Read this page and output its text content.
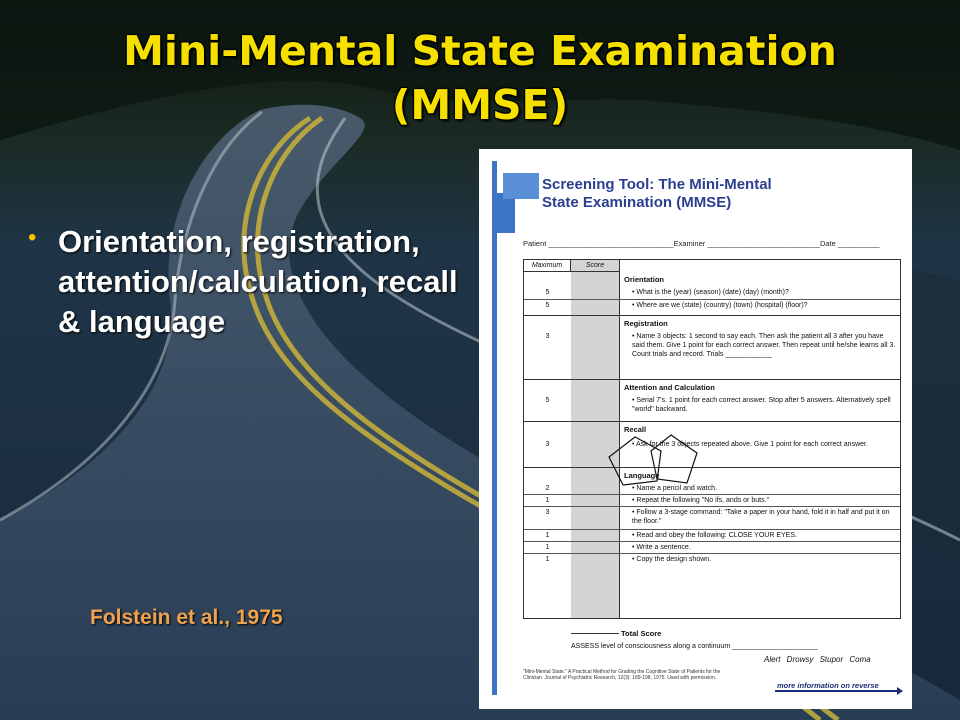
Mini-Mental State Examination
(MMSE)
• Orientation, registration, attention/calculation, recall & language
Folstein et al., 1975
Screening Tool: The Mini-Mental
State Examination (MMSE)
Patient ______________________________Examiner ___________________________Date __________
Maximum	Score
Orientation
5	• What is the (year) (season) (date) (day) (month)?
5	• Where are we (state) (country) (town) (hospital) (floor)?
Registration
3	• Name 3 objects: 1 second to say each. Then ask the patient all 3 after you have said them. Give 1 point for each correct answer. Then repeat until he/she learns all 3. Count trials and record. Trials ____________
Attention and Calculation
5	• Serial 7's. 1 point for each correct answer. Stop after 5 answers. Alternatively spell "world" backward.
Recall
3	• Ask for the 3 objects repeated above. Give 1 point for each correct answer.
Language
2	• Name a pencil and watch.
1	• Repeat the following "No ifs, ands or buts."
3	• Follow a 3-stage command: "Take a paper in your hand, fold it in half and put it on the floor."
1	• Read and obey the following: CLOSE YOUR EYES.
1	• Write a sentence.
1	• Copy the design shown.
Total Score
ASSESS level of consciousness along a continuum ______________________
Alert Drowsy Stupor Coma
"Mini-Mental State." A Practical Method for Grading the Cognitive State of Patients for the Clinician. Journal of Psychiatric Research, 12(3): 189-198, 1975. Used with permission.
more information on reverse
